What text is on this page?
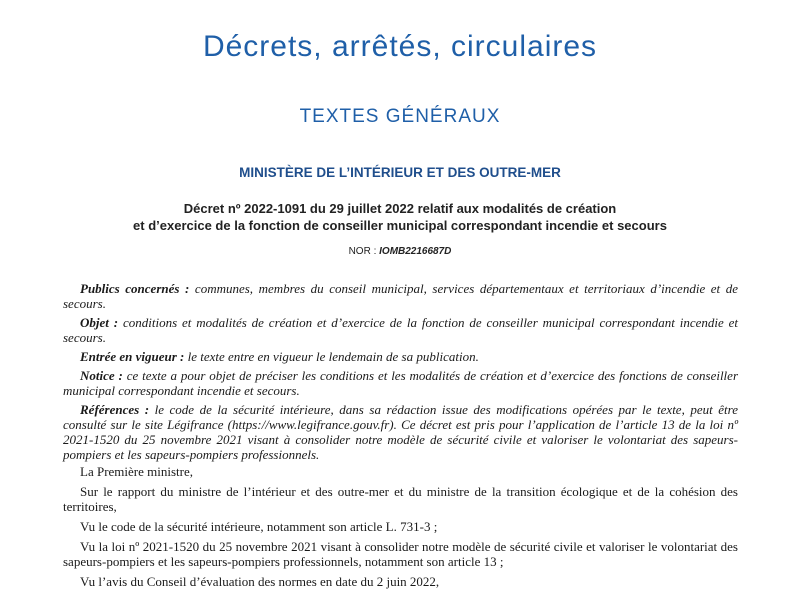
Décrets, arrêtés, circulaires
TEXTES GÉNÉRAUX
MINISTÈRE DE L’INTÉRIEUR ET DES OUTRE-MER
Décret nº 2022-1091 du 29 juillet 2022 relatif aux modalités de création
et d’exercice de la fonction de conseiller municipal correspondant incendie et secours
NOR : IOMB2216687D

Publics concernés : communes, membres du conseil municipal, services départementaux et territoriaux d’incendie et de secours.

Objet : conditions et modalités de création et d’exercice de la fonction de conseiller municipal correspondant incendie et secours.

Entrée en vigueur : le texte entre en vigueur le lendemain de sa publication.

Notice : ce texte a pour objet de préciser les conditions et les modalités de création et d’exercice des fonctions de conseiller municipal correspondant incendie et secours.

Références : le code de la sécurité intérieure, dans sa rédaction issue des modifications opérées par le texte, peut être consulté sur le site Légifrance (https://www.legifrance.gouv.fr). Ce décret est pris pour l’application de l’article 13 de la loi nº 2021-1520 du 25 novembre 2021 visant à consolider notre modèle de sécurité civile et valoriser le volontariat des sapeurs-pompiers et les sapeurs-pompiers professionnels.

La Première ministre,

Sur le rapport du ministre de l’intérieur et des outre-mer et du ministre de la transition écologique et de la cohésion des territoires,

Vu le code de la sécurité intérieure, notamment son article L. 731-3 ;

Vu la loi nº 2021-1520 du 25 novembre 2021 visant à consolider notre modèle de sécurité civile et valoriser le volontariat des sapeurs-pompiers et les sapeurs-pompiers professionnels, notamment son article 13 ;

Vu l’avis du Conseil d’évaluation des normes en date du 2 juin 2022,
